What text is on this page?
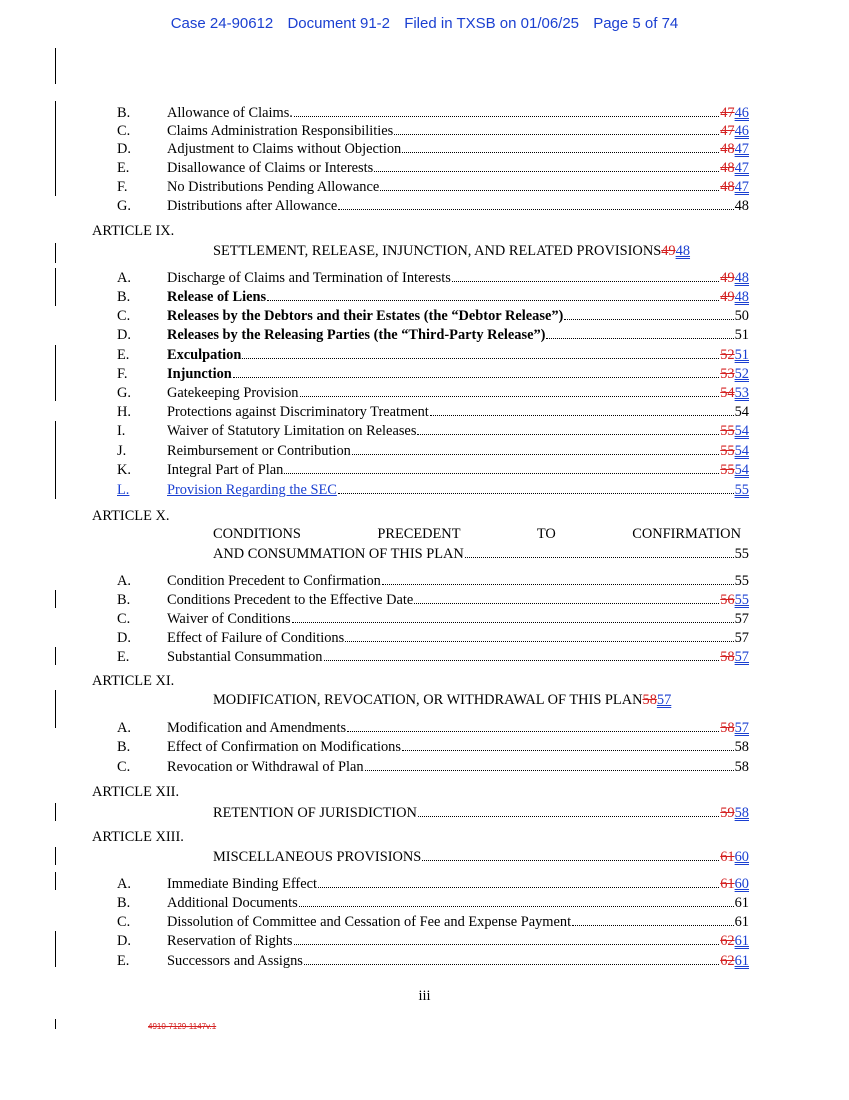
Case 24-90612 Document 91-2 Filed in TXSB on 01/06/25 Page 5 of 74
B.	Allowance of Claims.	4746
C.	Claims Administration Responsibilities	4746
D.	Adjustment to Claims without Objection	4847
E.	Disallowance of Claims or Interests	4847
F.	No Distributions Pending Allowance	4847
G.	Distributions after Allowance	48
ARTICLE IX.
SETTLEMENT, RELEASE, INJUNCTION, AND RELATED PROVISIONS 4948
A.	Discharge of Claims and Termination of Interests	4948
B.	Release of Liens	4948
C.	Releases by the Debtors and their Estates (the “Debtor Release”)	50
D.	Releases by the Releasing Parties (the “Third-Party Release”)	51
E.	Exculpation	5251
F.	Injunction	5352
G.	Gatekeeping Provision	5453
H.	Protections against Discriminatory Treatment	54
I.	Waiver of Statutory Limitation on Releases	5554
J.	Reimbursement or Contribution	5554
K.	Integral Part of Plan	5554
L.	Provision Regarding the SEC	55
ARTICLE X.
CONDITIONS	PRECEDENT	TO	CONFIRMATION
AND CONSUMMATION OF THIS PLAN	55
A.	Condition Precedent to Confirmation	55
B.	Conditions Precedent to the Effective Date	5655
C.	Waiver of Conditions	57
D.	Effect of Failure of Conditions	57
E.	Substantial Consummation	5857
ARTICLE XI.
MODIFICATION, REVOCATION, OR WITHDRAWAL OF THIS PLAN 5857
A.	Modification and Amendments	5857
B.	Effect of Confirmation on Modifications	58
C.	Revocation or Withdrawal of Plan	58
ARTICLE XII.
RETENTION OF JURISDICTION	5958
ARTICLE XIII.
MISCELLANEOUS PROVISIONS	6160
A.	Immediate Binding Effect	6160
B.	Additional Documents	61
C.	Dissolution of Committee and Cessation of Fee and Expense Payment	61
D.	Reservation of Rights	6261
E.	Successors and Assigns	6261
iii
4910-7129-1147v.1
